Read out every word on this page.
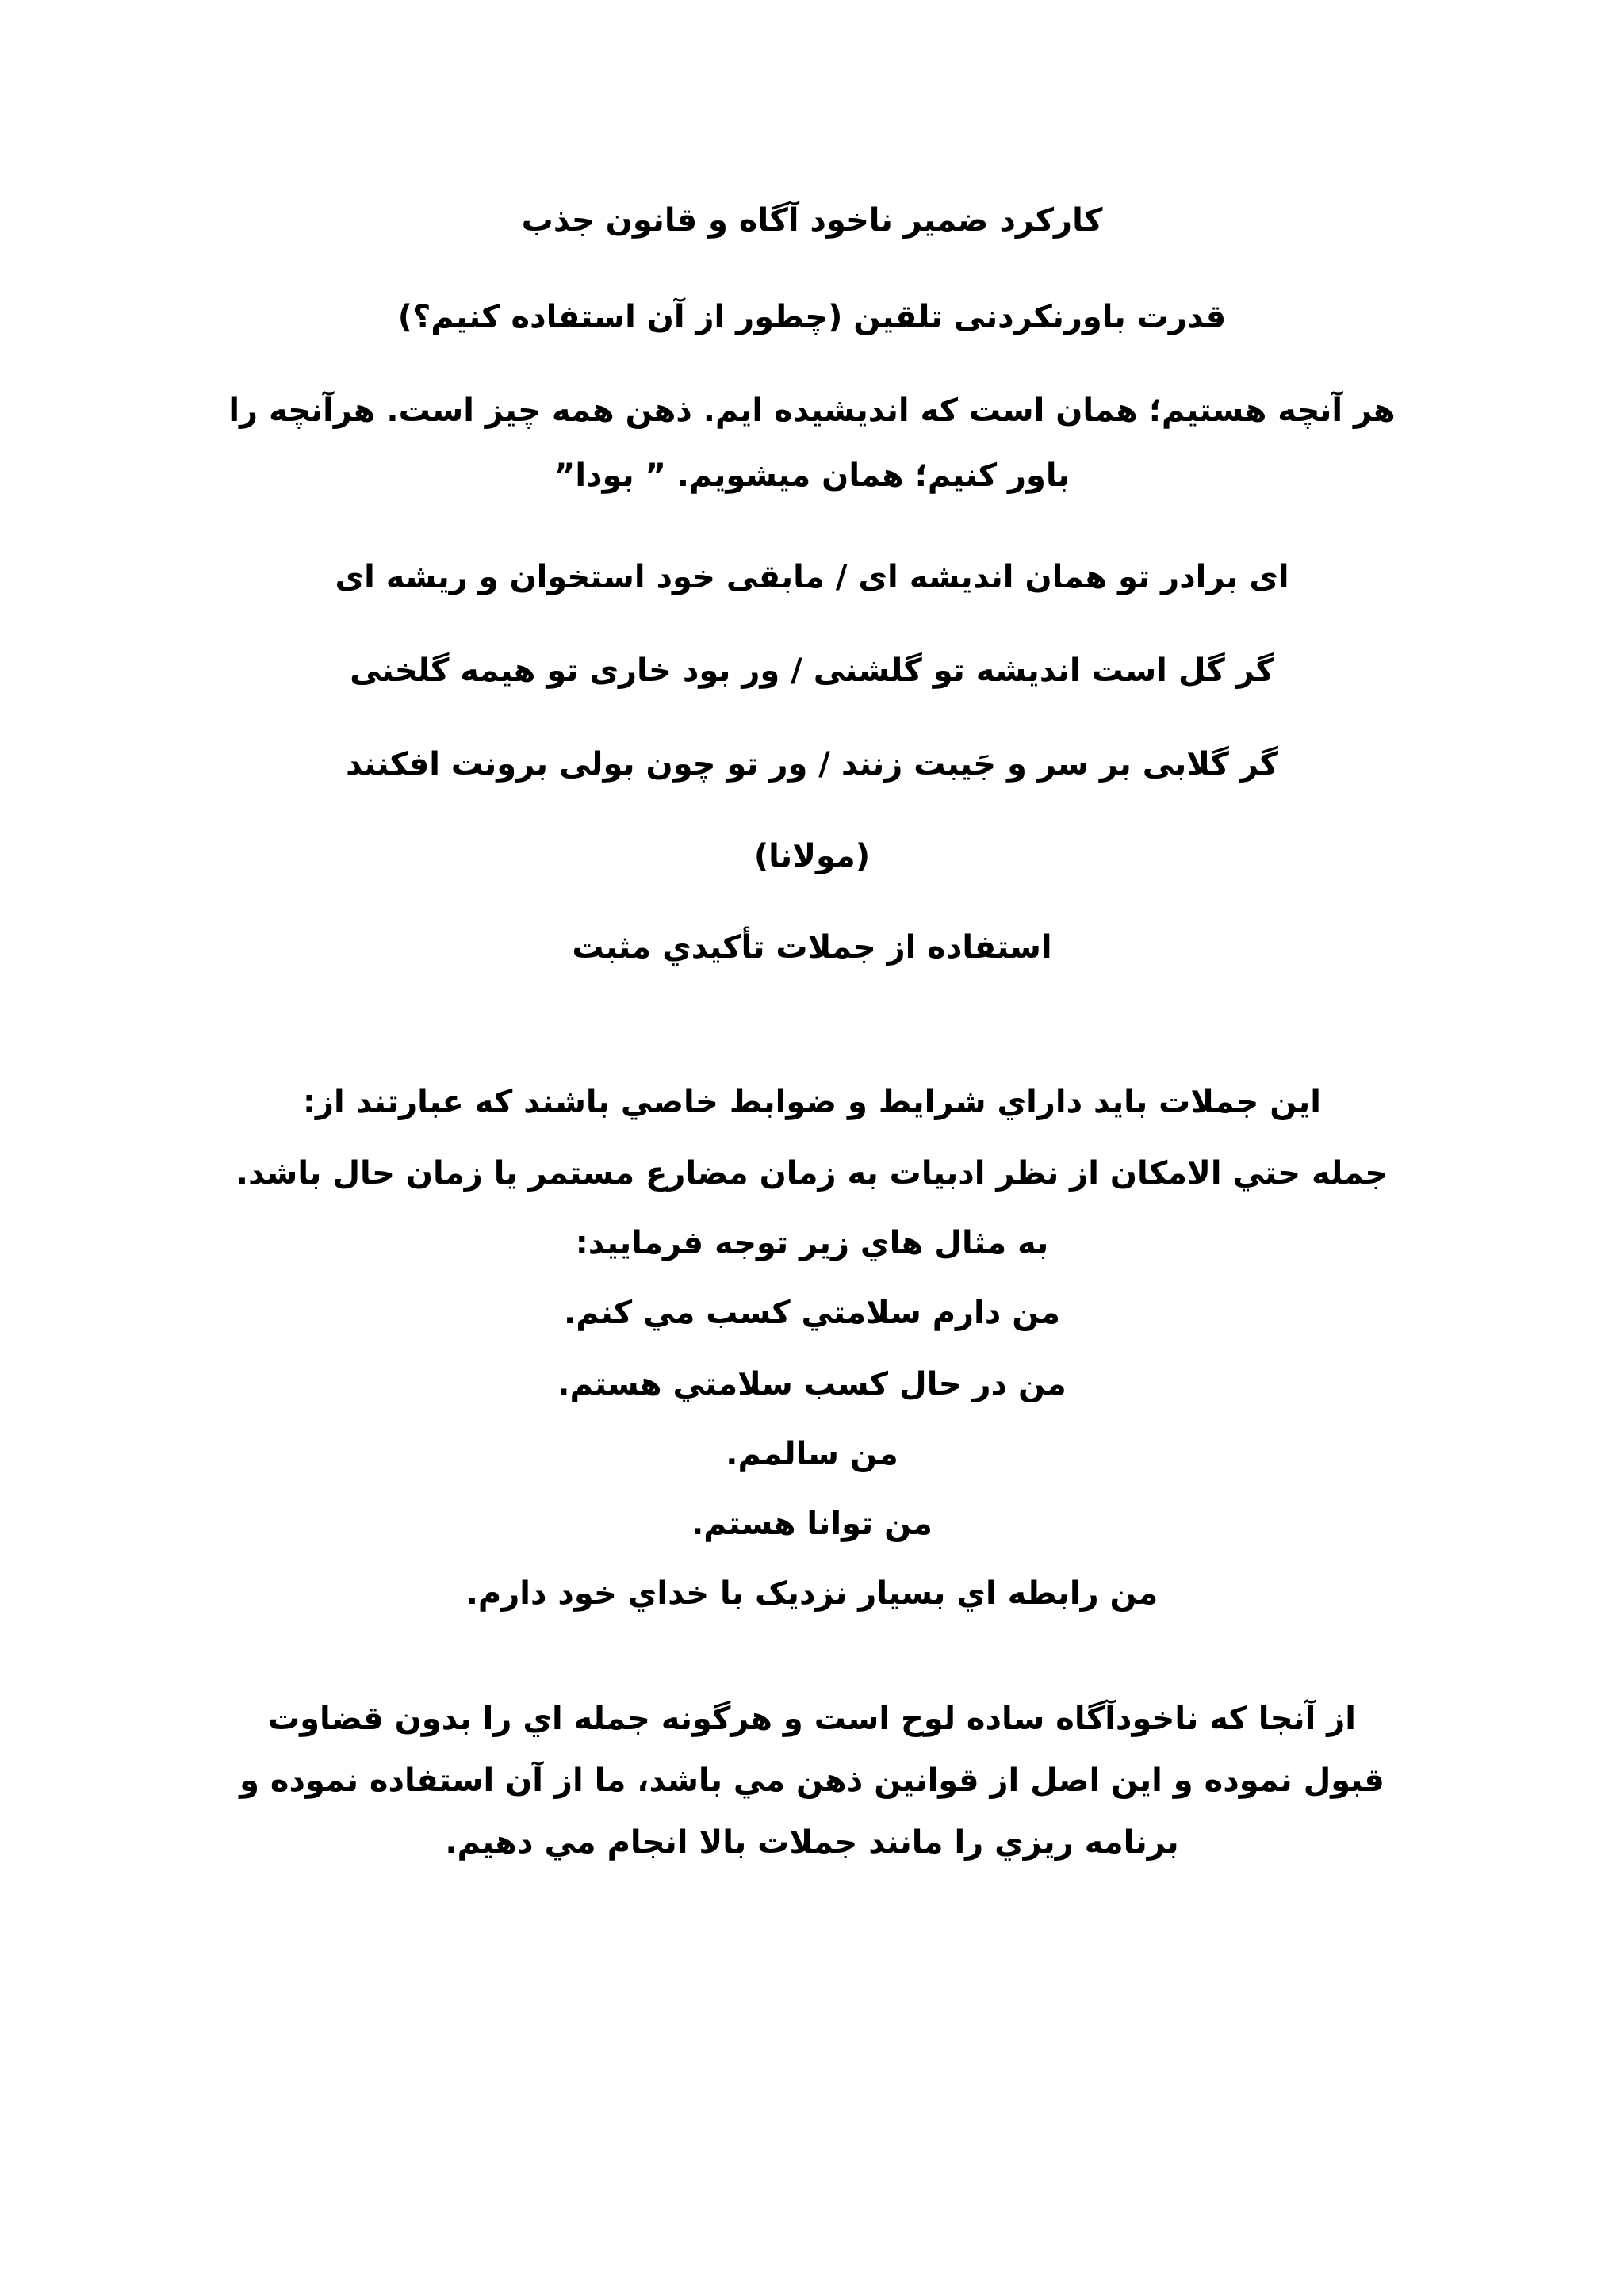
کارکرد ضمير ناخود آگاه و قانون جذب
قدرت باورنکردنی تلقین (چطور از آن استفاده کنیم؟)
هر آنچه هستیم؛ همان است که اندیشیده ایم. ذهن همه چیز است. هرآنچه را
باور کنیم؛ همان میشویم. ” بودا”
ای برادر تو همان اندیشه ای / مابقی خود استخوان و ریشه ای
گر گل است اندیشه تو گلشنی / ور بود خاری تو هیمه گلخنی
گر گلابی بر سر و جَیبت زنند / ور تو چون بولی برونت افکنند
(مولانا)
استفاده از جملات تأكيدي مثبت
اين جملات بايد داراي شرايط و ضوابط خاصي باشند كه عبارتند از:
جمله حتي الامكان از نظر ادبيات به زمان مضارع مستمر يا زمان حال باشد.
به مثال هاي زير توجه فرماييد:
من دارم سلامتي كسب مي كنم.
من در حال كسب سلامتي هستم.
من سالمم.
من توانا هستم.
من رابطه اي بسيار نزديک با خداي خود دارم.
از آنجا كه ناخودآگاه ساده لوح است و هرگونه جمله اي را بدون قضاوت
قبول نموده و اين اصل از قوانين ذهن مي باشد، ما از آن استفاده نموده و
برنامه ريزي را مانند جملات بالا انجام مي دهيم.
